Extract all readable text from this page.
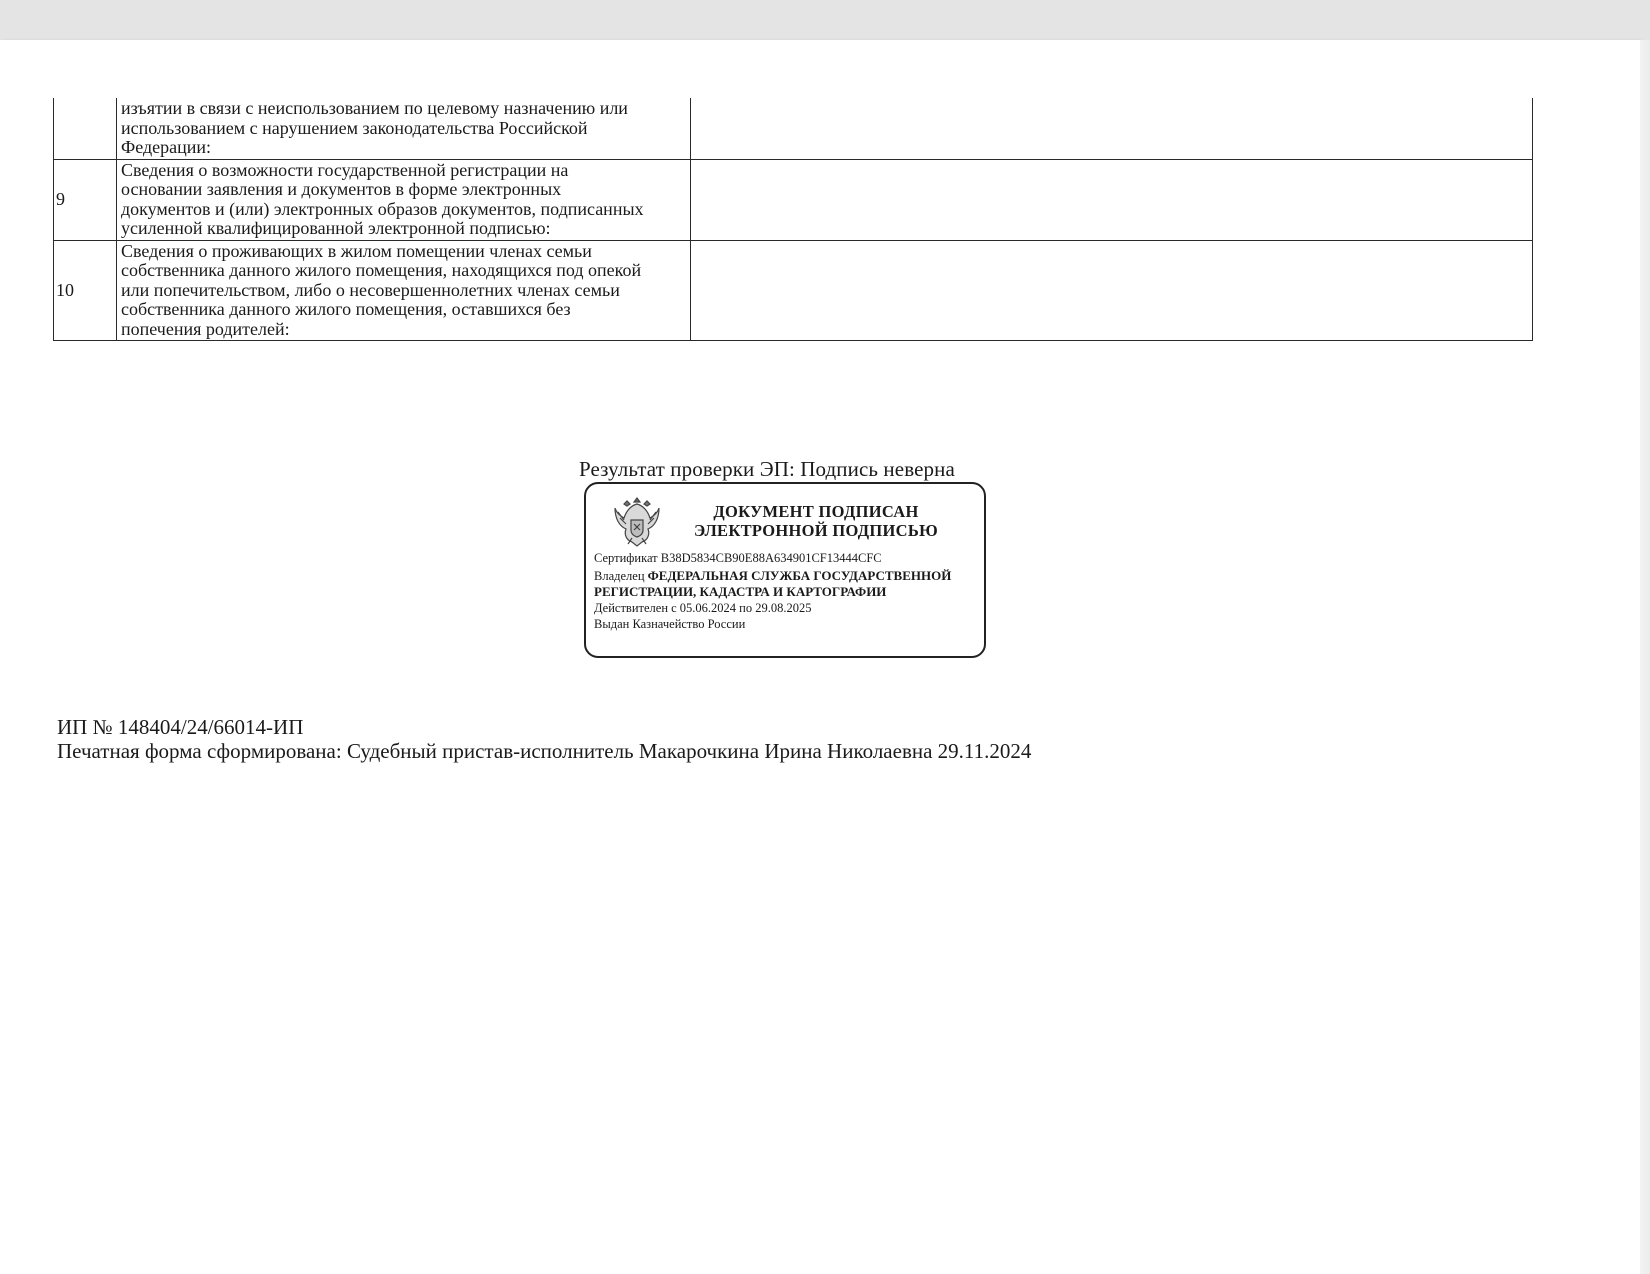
	изъятии в связи с неиспользованием по целевому назначению или
использованием с нарушением законодательства Российской
Федерации:	

9	Сведения о возможности государственной регистрации на
основании заявления и документов в форме электронных
документов и (или) электронных образов документов, подписанных
усиленной квалифицированной электронной подписью:	

10	Сведения о проживающих в жилом помещении членах семьи
собственника данного жилого помещения, находящихся под опекой
или попечительством, либо о несовершеннолетних членах семьи
собственника данного жилого помещения, оставшихся без
попечения родителей:	

Результат проверки ЭП: Подпись неверна
ДОКУМЕНТ ПОДПИСАН
ЭЛЕКТРОННОЙ ПОДПИСЬЮ
Сертификат B38D5834CB90E88A634901CF13444CFC
Владелец ФЕДЕРАЛЬНАЯ СЛУЖБА ГОСУДАРСТВЕННОЙ РЕГИСТРАЦИИ, КАДАСТРА И КАРТОГРАФИИ
Действителен с 05.06.2024 по 29.08.2025
Выдан Казначейство России
ИП № 148404/24/66014-ИП
Печатная форма сформирована: Судебный пристав-исполнитель Макарочкина Ирина Николаевна 29.11.2024
